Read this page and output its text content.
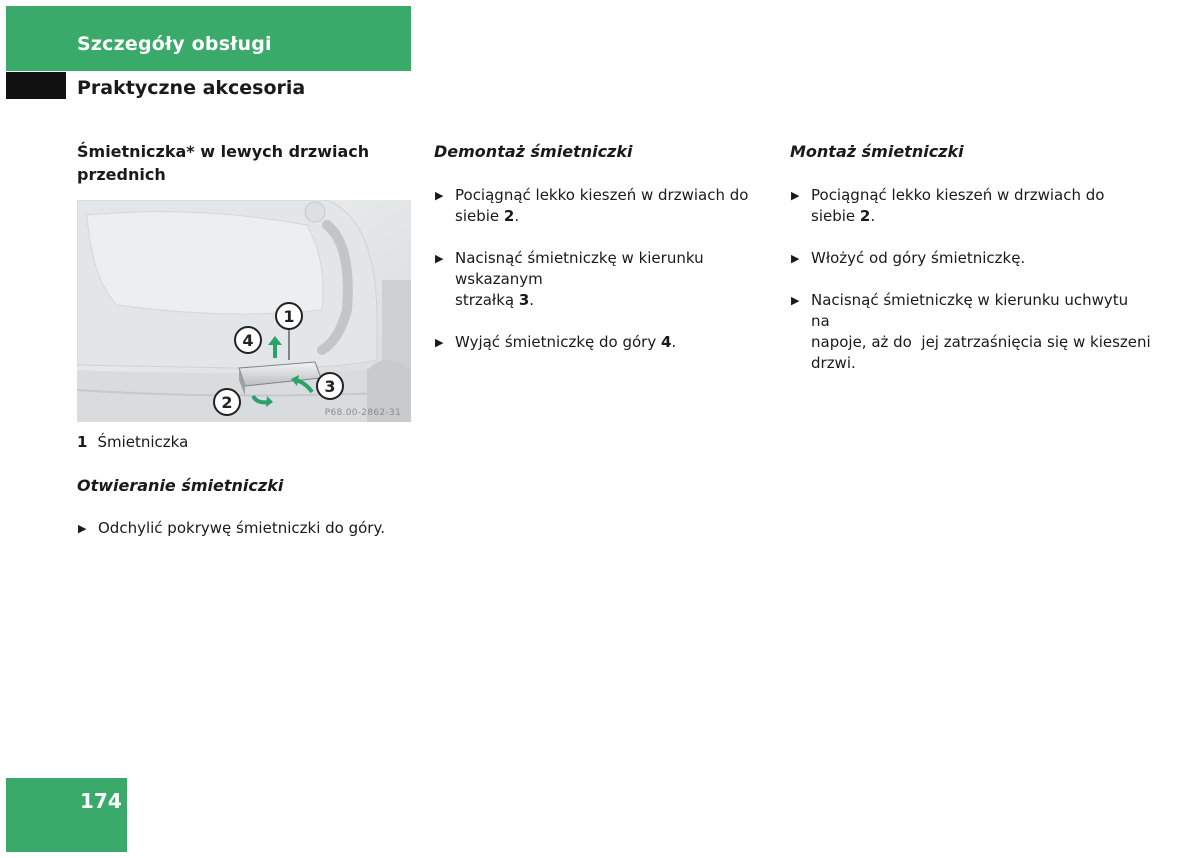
Szczegóły obsługi
Praktyczne akcesoria

Śmietniczka* w lewych drzwiach
przednich

1
4
3
2
P68.00-2862-31
1 Śmietniczka
Otwieranie śmietniczki

▶ Odchylić pokrywę śmietniczki do góry.

Demontaż śmietniczki

▶ Pociągnąć lekko kieszeń w drzwiach do
siebie 2.

▶ Nacisnąć śmietniczkę w kierunku wskazanym
strzałką 3.

▶ Wyjąć śmietniczkę do góry 4.

Montaż śmietniczki

▶ Pociągnąć lekko kieszeń w drzwiach do
siebie 2.

▶ Włożyć od góry śmietniczkę.

▶ Nacisnąć śmietniczkę w kierunku uchwytu na
napoje, aż do  jej zatrzaśnięcia się w kieszeni
drzwi.

174
